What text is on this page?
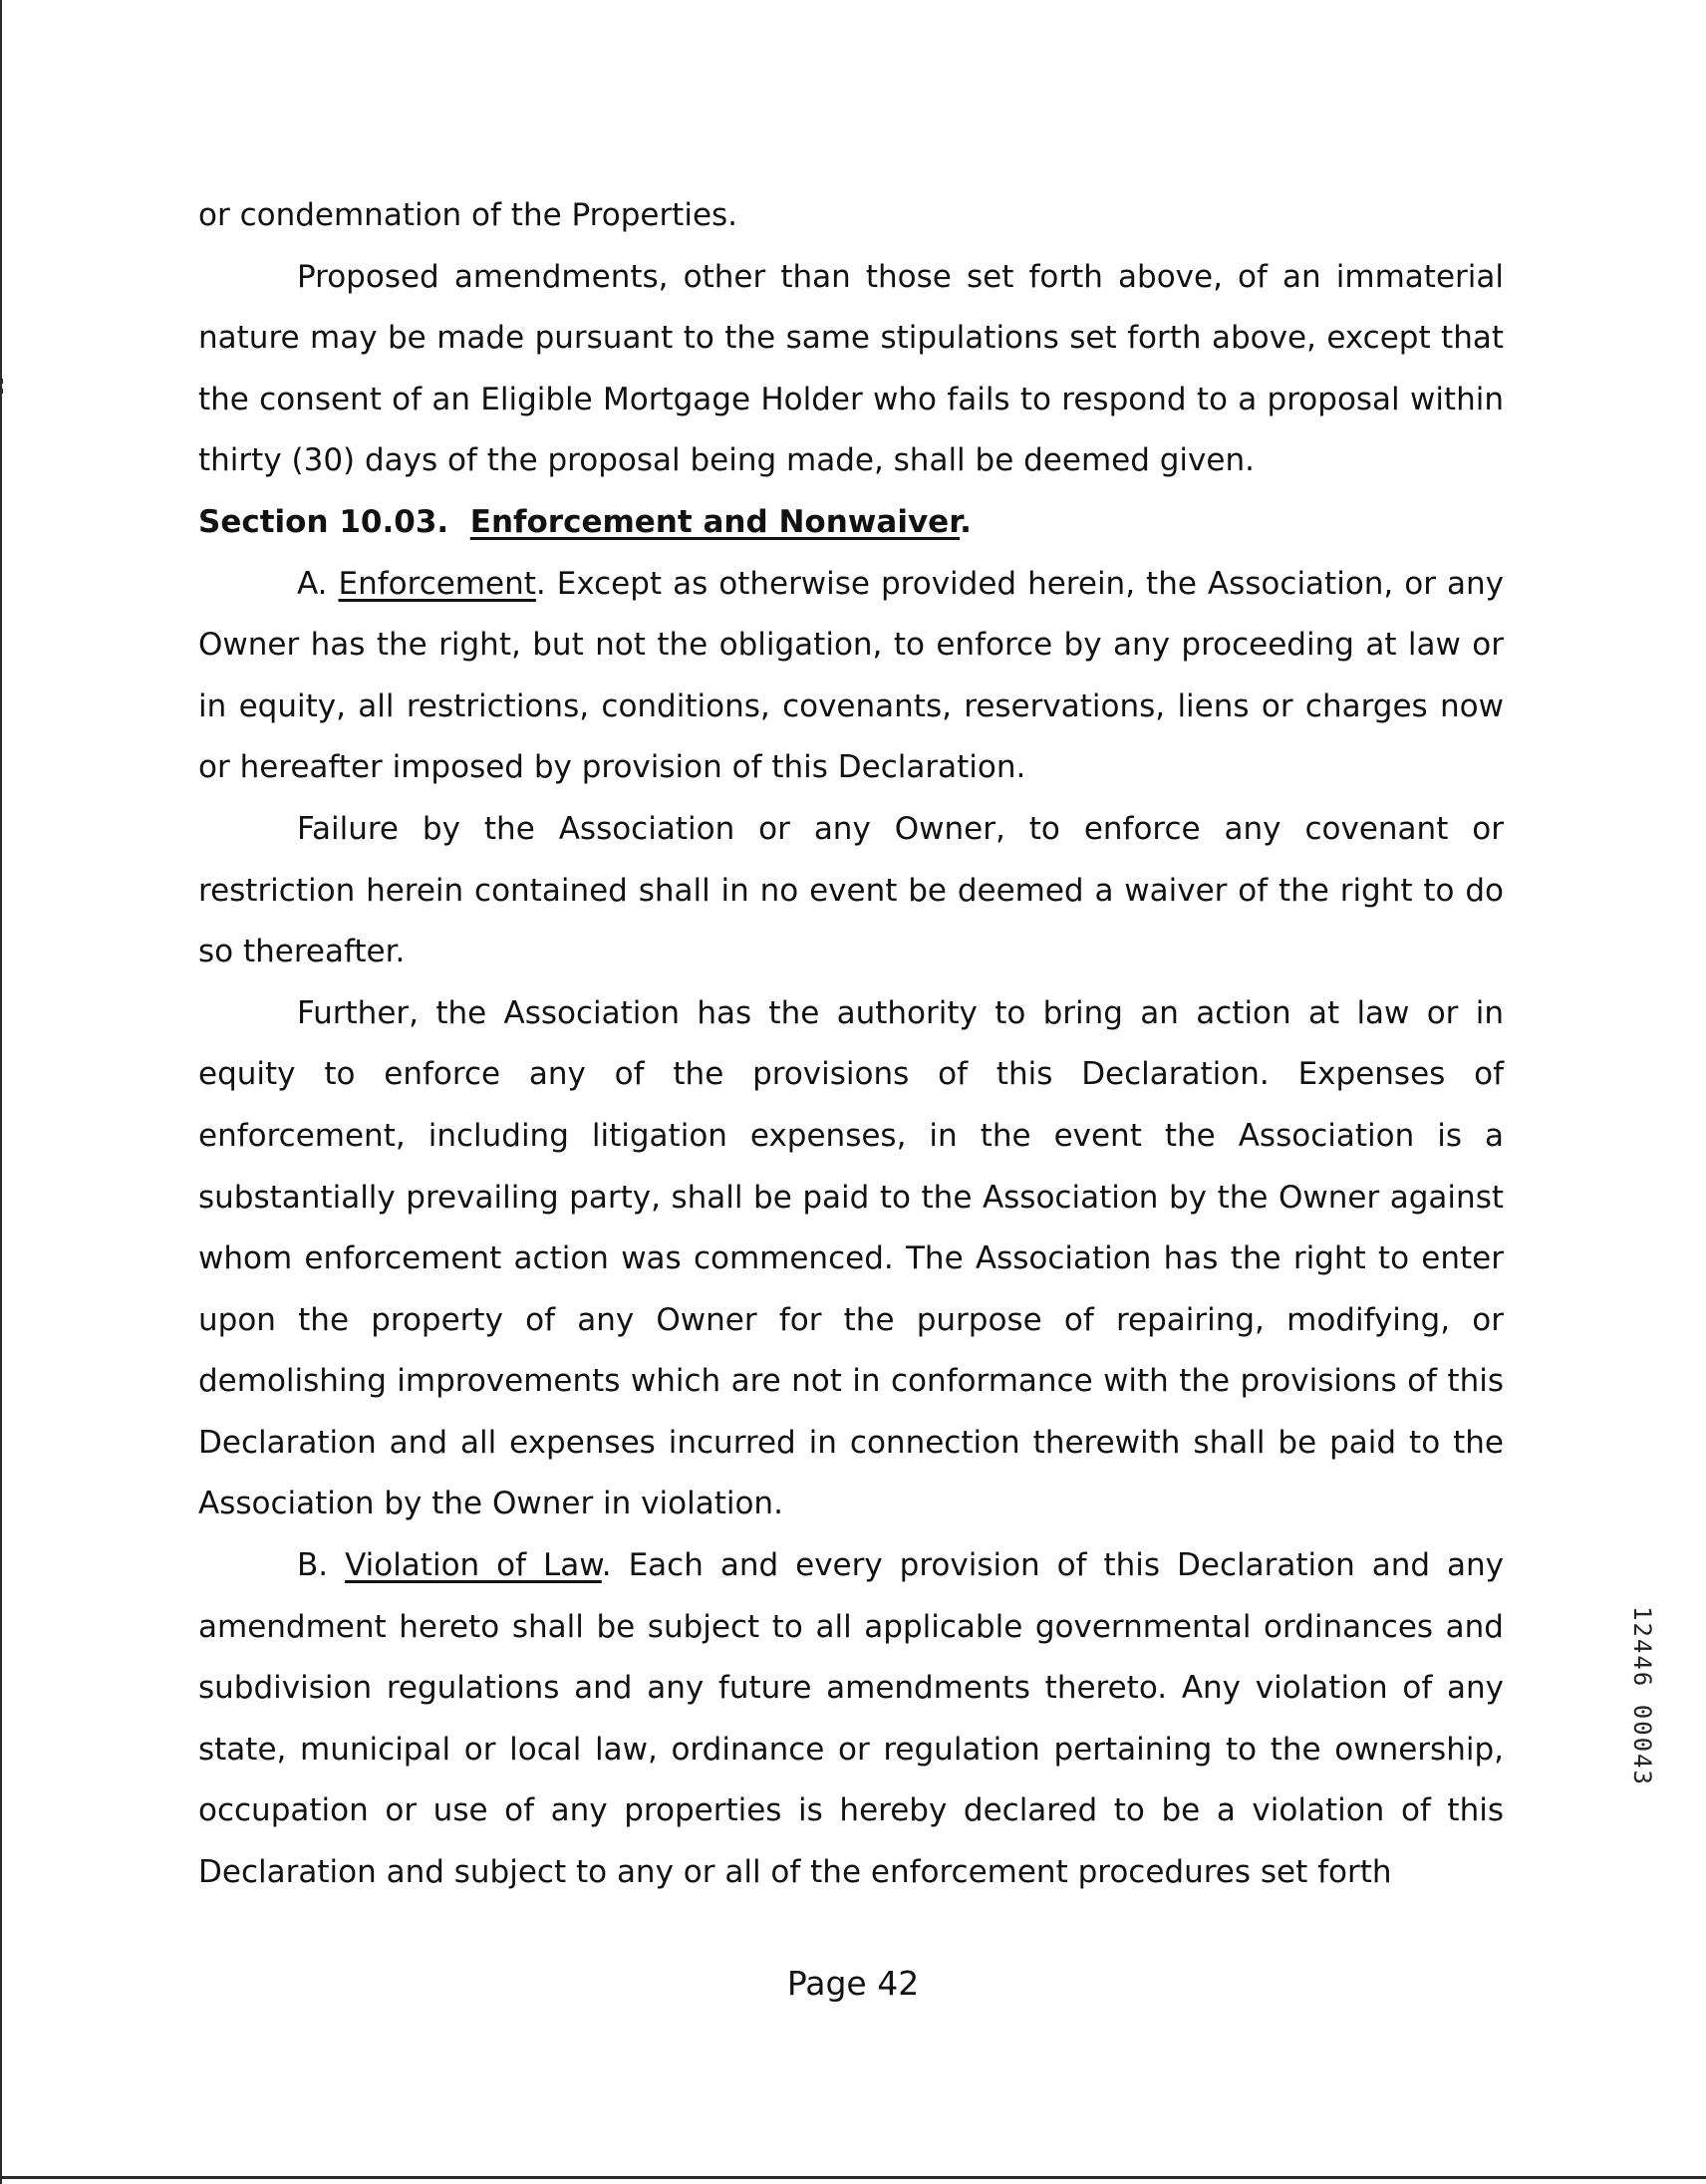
or condemnation of the Properties.

Proposed amendments, other than those set forth above, of an immaterial nature may be made pursuant to the same stipulations set forth above, except that the consent of an Eligible Mortgage Holder who fails to respond to a proposal within thirty (30) days of the proposal being made, shall be deemed given.

Section 10.03. Enforcement and Nonwaiver.

A. Enforcement. Except as otherwise provided herein, the Association, or any Owner has the right, but not the obligation, to enforce by any proceeding at law or in equity, all restrictions, conditions, covenants, reservations, liens or charges now or hereafter imposed by provision of this Declaration.

Failure by the Association or any Owner, to enforce any covenant or restriction herein contained shall in no event be deemed a waiver of the right to do so thereafter.

Further, the Association has the authority to bring an action at law or in equity to enforce any of the provisions of this Declaration. Expenses of enforcement, including litigation expenses, in the event the Association is a substantially prevailing party, shall be paid to the Association by the Owner against whom enforcement action was commenced. The Association has the right to enter upon the property of any Owner for the purpose of repairing, modifying, or demolishing improvements which are not in conformance with the provisions of this Declaration and all expenses incurred in connection therewith shall be paid to the Association by the Owner in violation.

B. Violation of Law. Each and every provision of this Declaration and any amendment hereto shall be subject to all applicable governmental ordinances and subdivision regulations and any future amendments thereto. Any violation of any state, municipal or local law, ordinance or regulation pertaining to the ownership, occupation or use of any properties is hereby declared to be a violation of this Declaration and subject to any or all of the enforcement procedures set forth

Page 42
12446 00043
